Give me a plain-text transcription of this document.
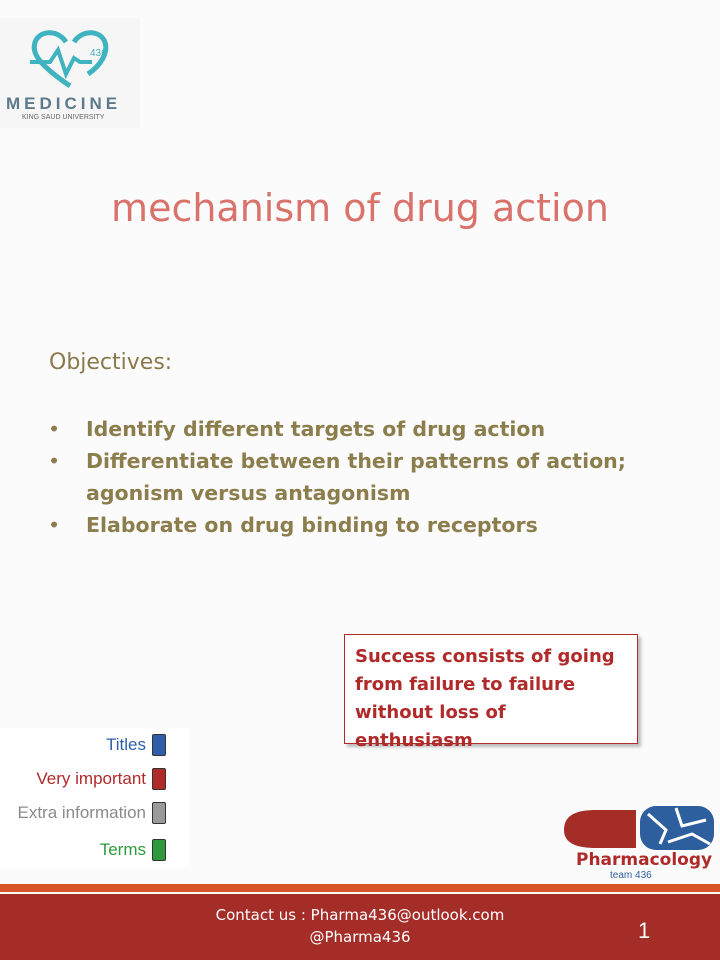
436
MEDICINE
KING SAUD UNIVERSITY
mechanism of drug action
Objectives:
• Identify different targets of drug action
• Differentiate between their patterns of action; agonism versus antagonism
• Elaborate on drug binding to receptors
Success consists of going from failure to failure without loss of enthusiasm
Titles
Very important
Extra information
Terms
Pharmacology
team 436
Contact us : Pharma436@outlook.com
@Pharma436	1
